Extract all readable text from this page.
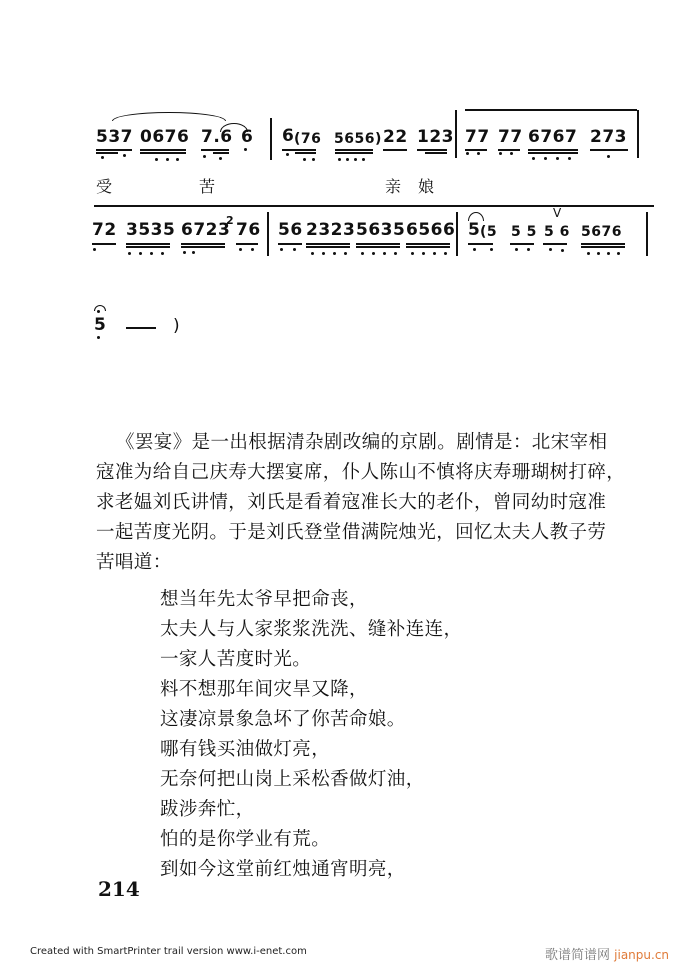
537 0676 7.6 6 6 (76 5656) 22 123 77 77 6767 273
受	苦	亲 娘
72 3535 6723
2 76 56 2323 5635 6566 5 (5 5 5
V
5 6 5676
5	)
《罢宴》是一出根据清杂剧改编的京剧。剧情是：北宋宰相
寇准为给自己庆寿大摆宴席，仆人陈山不慎将庆寿珊瑚树打碎，
求老媪刘氏讲情，刘氏是看着寇准长大的老仆，曾同幼时寇准
一起苦度光阴。于是刘氏登堂借满院烛光，回忆太夫人教子劳
苦唱道：
想当年先太爷早把命丧，
太夫人与人家浆浆洗洗、缝补连连，
一家人苦度时光。
料不想那年间灾旱又降，
这凄凉景象急坏了你苦命娘。
哪有钱买油做灯亮，
无奈何把山岗上采松香做灯油，
跋涉奔忙，
怕的是你学业有荒。
到如今这堂前红烛通宵明亮，
214
Created with SmartPrinter trail version www.i-enet.com	歌谱简谱网 jianpu.cn
